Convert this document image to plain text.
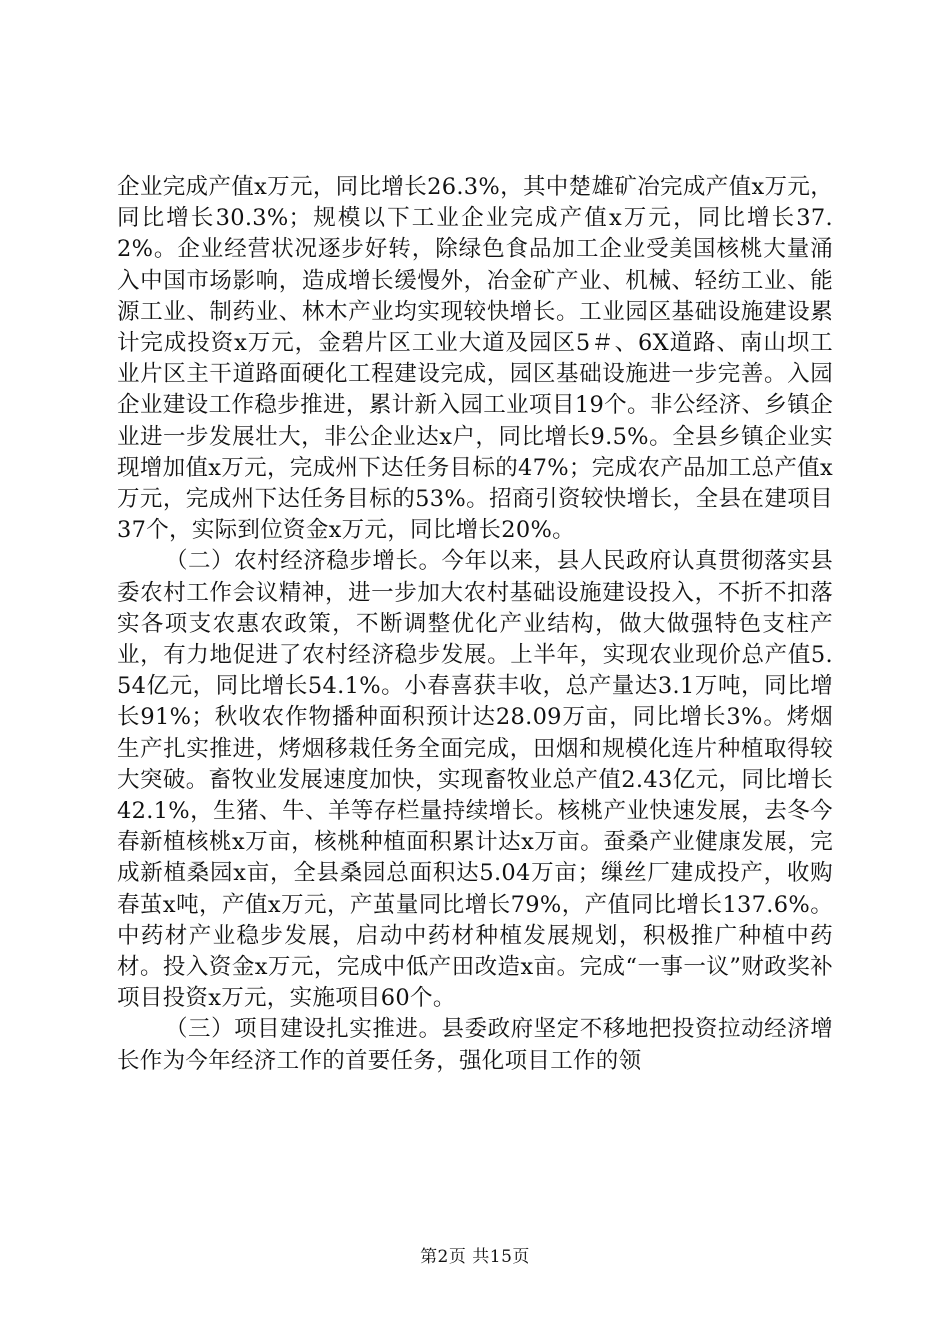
企业完成产值x万元，同比增长26.3%，其中楚雄矿冶完成产值x万元，同比增长30.3%；规模以下工业企业完成产值x万元，同比增长37.2%。企业经营状况逐步好转，除绿色食品加工企业受美国核桃大量涌入中国市场影响，造成增长缓慢外，冶金矿产业、机械、轻纺工业、能源工业、制药业、林木产业均实现较快增长。工业园区基础设施建设累计完成投资x万元，金碧片区工业大道及园区5＃、6X道路、南山坝工业片区主干道路面硬化工程建设完成，园区基础设施进一步完善。入园企业建设工作稳步推进，累计新入园工业项目19个。非公经济、乡镇企业进一步发展壮大，非公企业达x户，同比增长9.5%。全县乡镇企业实现增加值x万元，完成州下达任务目标的47%；完成农产品加工总产值x万元，完成州下达任务目标的53%。招商引资较快增长，全县在建项目37个，实际到位资金x万元，同比增长20%。

（二）农村经济稳步增长。今年以来，县人民政府认真贯彻落实县委农村工作会议精神，进一步加大农村基础设施建设投入，不折不扣落实各项支农惠农政策，不断调整优化产业结构，做大做强特色支柱产业，有力地促进了农村经济稳步发展。上半年，实现农业现价总产值5.54亿元，同比增长54.1%。小春喜获丰收，总产量达3.1万吨，同比增长91%；秋收农作物播种面积预计达28.09万亩，同比增长3%。烤烟生产扎实推进，烤烟移栽任务全面完成，田烟和规模化连片种植取得较大突破。畜牧业发展速度加快，实现畜牧业总产值2.43亿元，同比增长42.1%，生猪、牛、羊等存栏量持续增长。核桃产业快速发展，去冬今春新植核桃x万亩，核桃种植面积累计达x万亩。蚕桑产业健康发展，完成新植桑园x亩，全县桑园总面积达5.04万亩；缫丝厂建成投产，收购春茧x吨，产值x万元，产茧量同比增长79%，产值同比增长137.6%。中药材产业稳步发展，启动中药材种植发展规划，积极推广种植中药材。投入资金x万元，完成中低产田改造x亩。完成“一事一议”财政奖补项目投资x万元，实施项目60个。

（三）项目建设扎实推进。县委政府坚定不移地把投资拉动经济增长作为今年经济工作的首要任务，强化项目工作的领

第2页 共15页
